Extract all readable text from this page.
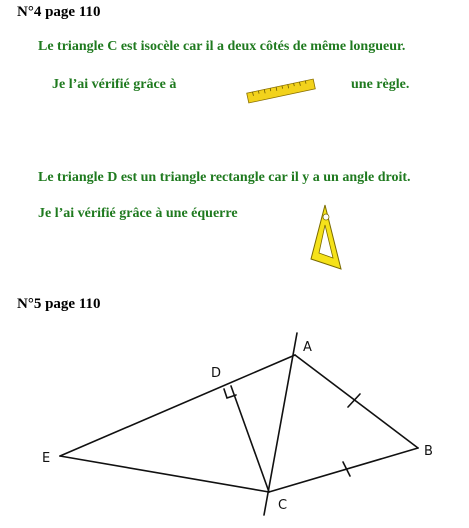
N°4 page 110
Le triangle C est isocèle car il a deux côtés de même longueur.
Je l’ai vérifié grâce à	une règle.
Le triangle D est un triangle rectangle car il y a un angle droit.
Je l’ai vérifié grâce à une équerre
N°5 page 110
A
B
C
D
E
